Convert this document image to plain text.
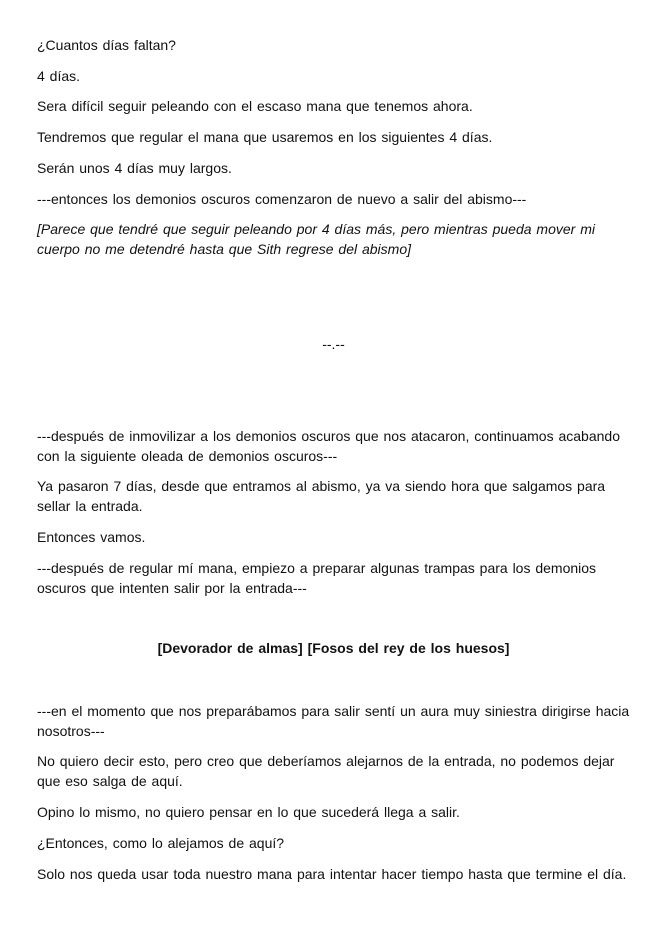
¿Cuantos días faltan?

4 días.

Sera difícil seguir peleando con el escaso mana que tenemos ahora.

Tendremos que regular el mana que usaremos en los siguientes 4 días.

Serán unos 4 días muy largos.

---entonces los demonios oscuros comenzaron de nuevo a salir del abismo---

[Parece que tendré que seguir peleando por 4 días más, pero mientras pueda mover mi cuerpo no me detendré hasta que Sith regrese del abismo]

--.--

---después de inmovilizar a los demonios oscuros que nos atacaron, continuamos acabando con la siguiente oleada de demonios oscuros---

Ya pasaron 7 días, desde que entramos al abismo, ya va siendo hora que salgamos para sellar la entrada.

Entonces vamos.

---después de regular mí mana, empiezo a preparar algunas trampas para los demonios oscuros que intenten salir por la entrada---

[Devorador de almas] [Fosos del rey de los huesos]

---en el momento que nos preparábamos para salir sentí un aura muy siniestra dirigirse hacia nosotros---

No quiero decir esto, pero creo que deberíamos alejarnos de la entrada, no podemos dejar que eso salga de aquí.

Opino lo mismo, no quiero pensar en lo que sucederá llega a salir.

¿Entonces, como lo alejamos de aquí?

Solo nos queda usar toda nuestro mana para intentar hacer tiempo hasta que termine el día.
